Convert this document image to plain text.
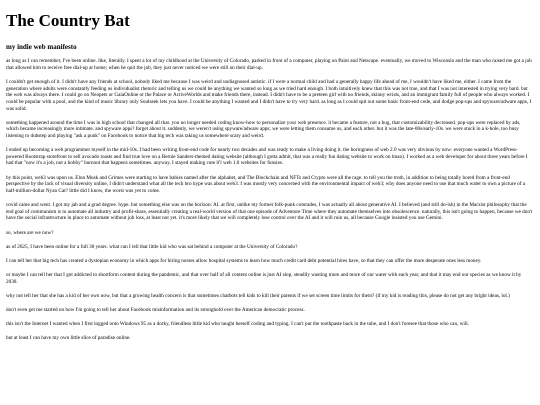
The Country Bat
my indie web manifesto

as long as I can remember, I've been online. like, literally. I spent a lot of my childhood at the University of Colorado, parked in front of a computer, playing on Paint and Netscape. eventually, we moved to Wisconsin and the man who raised me got a job that allowed him to receive free dial-up at home; when he quit the job, they just never noticed we were still on their dial-up.

I couldn't get enough of it. I didn't have any friends at school, nobody liked me because I was weird and undiagnosed autistic. if I were a normal child and had a generally happy life ahead of me, I wouldn't have liked me, either. I came from the generation where adults were constantly feeding us individualist rhetoric and telling us we could be anything we wanted so long as we tried hard enough. I both intuitively knew that this was not true, and that I was not interested in trying very hard. but the web was always there. I could go on Neopets or GaiaOnline or the Palace or ActiveWorlds and make friends there, instead. I didn't have to be a preteen girl with no friends, skinny wrists, and an immigrant family full of people who always worked. I could be popular with a pool, and the kind of music library only Soulseek lets you have. I could be anything I wanted and I didn't have to try very hard. as long as I could spit out some basic front-end code, and dodge pop-ups and spyware/adware apps, I was solid.

something happened around the time I was in high school that changed all that. you no longer needed coding know-how to personalize your web presence. it became a feature, not a bug, that customizability decreased. pop-ups were replaced by ads, which became increasingly more intimate. and spyware apps? forget about it. suddenly, we weren't using spyware/adware apps; we were letting them consume us, and each other. but it was the late-00s/early-10s. we were stuck in a k-hole, too busy listening to dubstep and playing "ask a punk" on Facebook to notice that big tech was taking us somewhere scary and weird.

I ended up becoming a web programmer myself in the mid-10s. I had been writing front-end code for nearly two decades and was ready to make a living doing it. the boringness of web 2.0 was very obvious by now: everyone wanted a WordPress-powered Bootstrap storefront to sell avocado toasts and find true love on a Bernie Sanders-themed dating website (although I gotta admit, that was a really fun dating website to work on lmao). I worked as a web developer for about three years before I had that "now it's a job, not a hobby" burnout that happens sometimes. anyway. I stayed making cute li'l web 1.0 websites for funsies.

by this point, web3 was upon us. Elon Musk and Grimes were starting to have babies named after the alphabet, and The Blockchain and NFTs and Crypto were all the rage. to tell you the truth, in addition to being totally bored from a front-end perspective by the lack of visual diversity online, I didn't understand what all the tech bro hype was about web3. I was mostly very concerned with the environmental impact of web3; why does anyone need to use that much water to own a picture of a half-million-dollar Nyan Cat? little did I know, the worst was yet to come.

covid came and went. I got my jab and a grad degree. hype. but something else was on the horizon: AI. at first, unlike my former folk-punk comrades, I was actually all about generative AI. I believed (and still do-ish) in the Marxist philosophy that the end goal of communism is to automate all industry and profit-share, essentially creating a real-world version of that one episode of Adventure Time where they automate themselves into obsolescence. naturally, this isn't going to happen, because we don't have the social infrastructure in place to automate without job loss, at least not yet. it's more likely that we will completely lose control over the AI and it will ruin us, all because Google insisted you use Gemini.

so, where are we now?

as of 2025, I have been online for a full 30 years. what can I tell that little kid who was sat behind a computer at the University of Colorado?

I can tell her that big tech has created a dystopian economy in which apps for hiring nurses allow hospital systems to learn how much credit card debt potential hires have, so that they can offer the more desperate ones less money.

or maybe I can tell her that I got addicted to shortform content during the pandemic, and that over half of all content online is just AI slop, steadily wasting more and more of our water with each year, and that it may end our species as we know it by 2030.

why not tell her that she has a kid of her own now, but that a growing health concern is that sometimes chatbots tell kids to kill their parents if we set screen time limits for them? (if my kid is reading this, please do not get any bright ideas, lol.)

don't even get me started on how I'm going to tell her about Facebook misinformation and its stronghold over the American democratic process.

this isn't the Internet I wanted when I first logged onto Windows 95 as a dorky, friendless little kid who taught herself coding and typing. I can't put the toothpaste back in the tube, and I don't foresee that those who can, will.

but at least I can have my own little slice of paradise online.
